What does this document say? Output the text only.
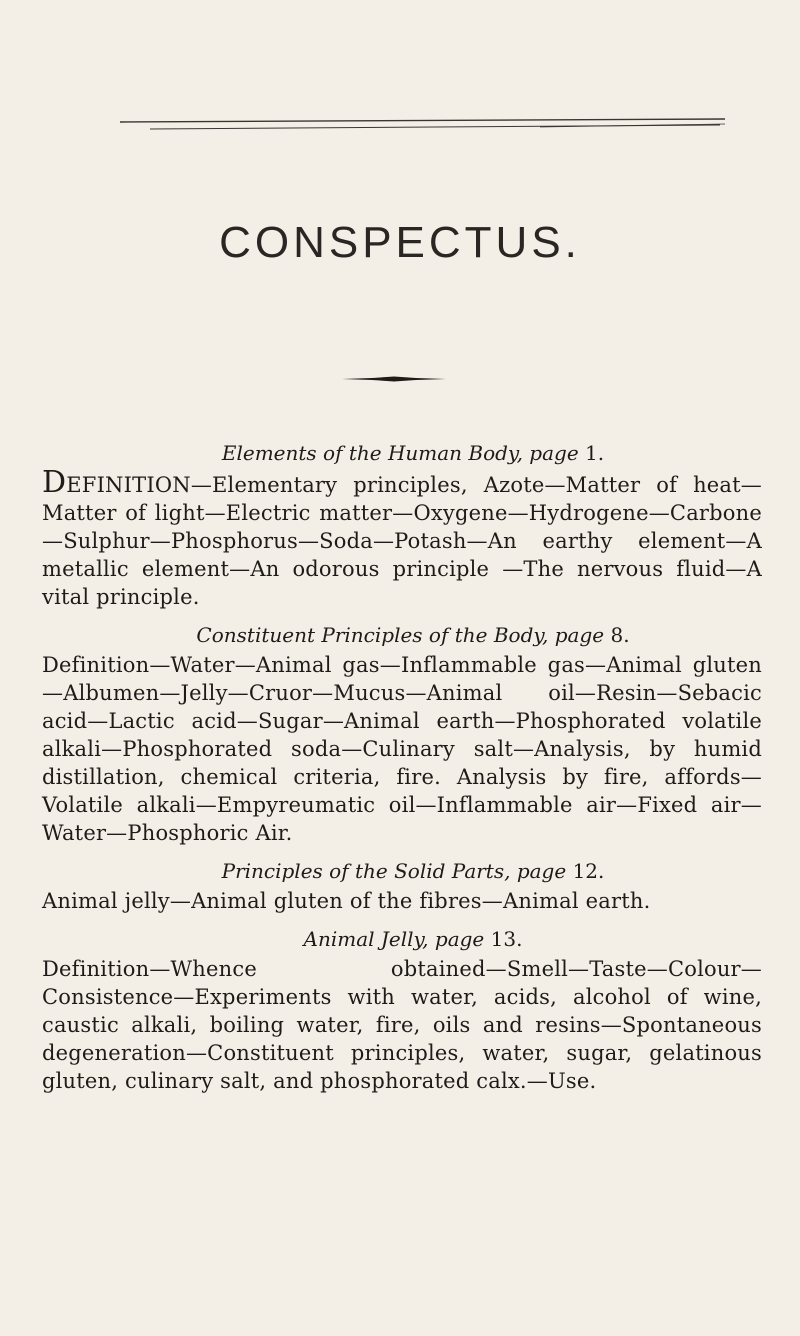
CONSPECTUS.

Elements of the Human Body, page 1.

DEFINITION—Elementary principles, Azote—Matter of heat—Matter of light—Electric matter—Oxygene—Hydrogene—Carbone—Sulphur—Phosphorus—Soda—Potash—An earthy element—A metallic element—An odorous principle —The nervous fluid—A vital principle.

Constituent Principles of the Body, page 8.

Definition—Water—Animal gas—Inflammable gas—Animal gluten—Albumen—Jelly—Cruor—Mucus—Animal oil—Resin—Sebacic acid—Lactic acid—Sugar—Animal earth—Phosphorated volatile alkali—Phosphorated soda—Culinary salt—Analysis, by humid distillation, chemical criteria, fire. Analysis by fire, affords—Volatile alkali—Empyreumatic oil—Inflammable air—Fixed air—Water—Phosphoric Air.

Principles of the Solid Parts, page 12.

Animal jelly—Animal gluten of the fibres—Animal earth.

Animal Jelly, page 13.

Definition—Whence obtained—Smell—Taste—Colour—Consistence—Experiments with water, acids, alcohol of wine, caustic alkali, boiling water, fire, oils and resins—Spontaneous degeneration—Constituent principles, water, sugar, gelatinous gluten, culinary salt, and phosphorated calx.—Use.
